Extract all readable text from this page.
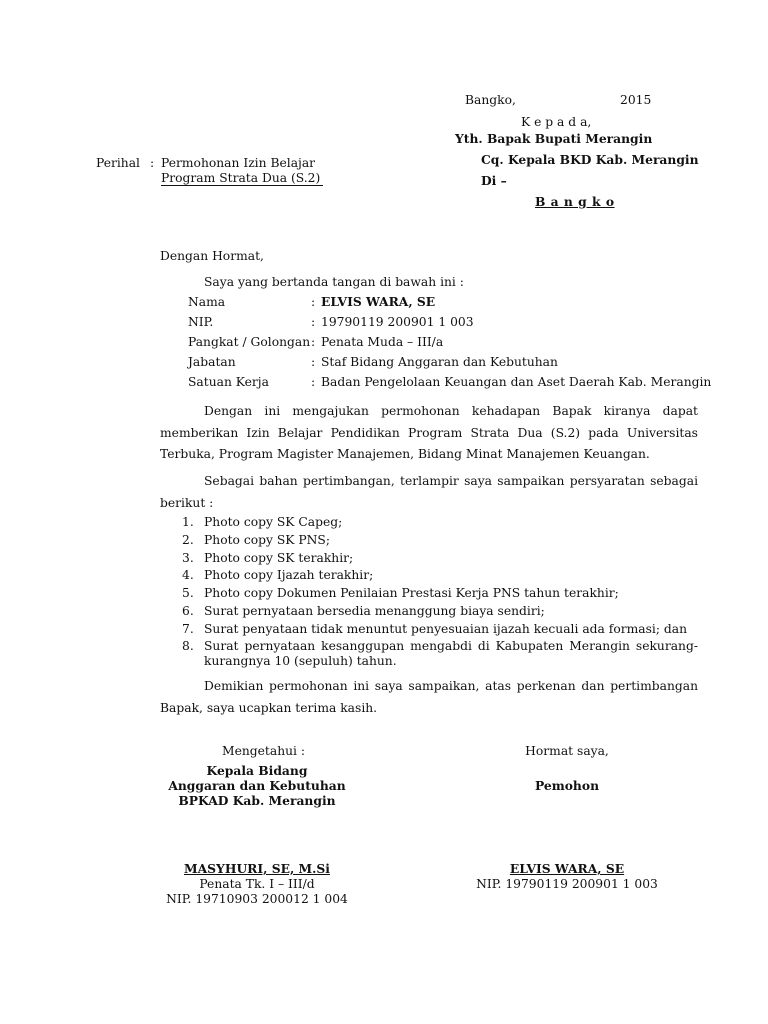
Bangko,	2015
K e p a d a,
Yth. Bapak Bupati Merangin
Cq. Kepala BKD Kab. Merangin
Di –
B a n g k o
Perihal : Permohonan Izin Belajar
Program Strata Dua (S.2)
Dengan Hormat,
Saya yang bertanda tangan di bawah ini :
Nama	: ELVIS WARA, SE
NIP.	: 19790119 200901 1 003
Pangkat / Golongan : Penata Muda – III/a
Jabatan	: Staf Bidang Anggaran dan Kebutuhan
Satuan Kerja	: Badan Pengelolaan Keuangan dan Aset Daerah Kab. Merangin
Dengan ini mengajukan permohonan kehadapan Bapak kiranya dapat memberikan Izin Belajar Pendidikan Program Strata Dua (S.2) pada Universitas Terbuka, Program Magister Manajemen, Bidang Minat Manajemen Keuangan.
Sebagai bahan pertimbangan, terlampir saya sampaikan persyaratan sebagai berikut :
1. Photo copy SK Capeg;
2. Photo copy SK PNS;
3. Photo copy SK terakhir;
4. Photo copy Ijazah terakhir;
5. Photo copy Dokumen Penilaian Prestasi Kerja PNS tahun terakhir;
6. Surat pernyataan bersedia menanggung biaya sendiri;
7. Surat penyataan tidak menuntut penyesuaian ijazah kecuali ada formasi; dan
8. Surat pernyataan kesanggupan mengabdi di Kabupaten Merangin sekurang-kurangnya 10 (sepuluh) tahun.
Demikian permohonan ini saya sampaikan, atas perkenan dan pertimbangan Bapak, saya ucapkan terima kasih.
Mengetahui :
Kepala Bidang
Anggaran dan Kebutuhan
BPKAD Kab. Merangin
MASYHURI, SE, M.Si
Penata Tk. I – III/d
NIP. 19710903 200012 1 004
Hormat saya,
Pemohon
ELVIS WARA, SE
NIP. 19790119 200901 1 003
